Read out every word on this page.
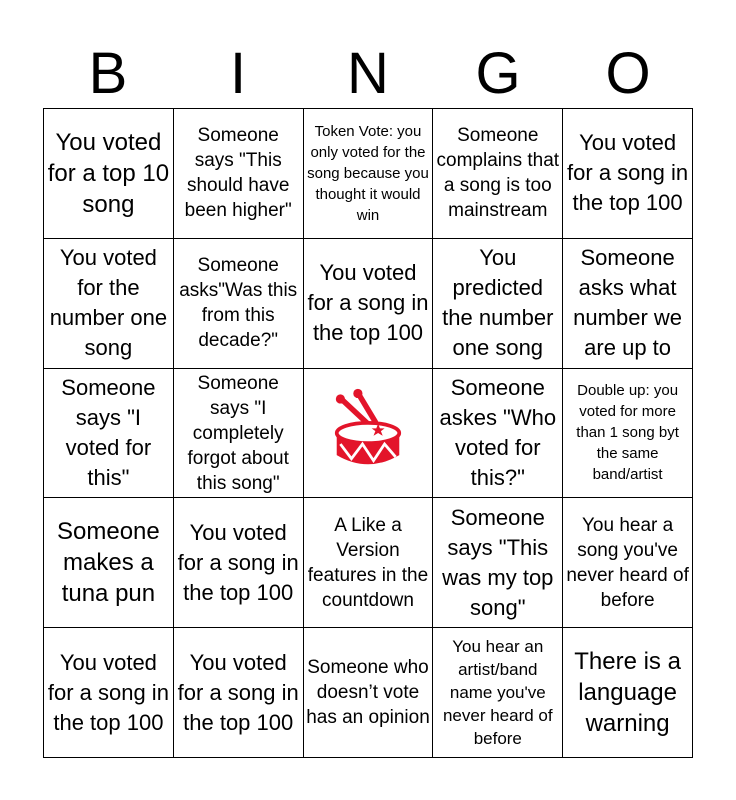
B	I	N	G	O
You voted for a top 10 song
Someone says "This should have been higher"
Token Vote: you only voted for the song because you thought it would win
Someone complains that a song is too mainstream
You voted for a song in the top 100
You voted for the number one song
Someone asks"Was this from this decade?"
You voted for a song in the top 100
You predicted the number one song
Someone asks what number we are up to
Someone says "I voted for this"
Someone says "I completely forgot about this song"
Someone askes "Who voted for this?"
Double up: you voted for more than 1 song byt the same band/artist
Someone makes a tuna pun
You voted for a song in the top 100
A Like a Version features in the countdown
Someone says "This was my top song"
You hear a song you've never heard of before
You voted for a song in the top 100
You voted for a song in the top 100
Someone who doesn’t vote has an opinion
You hear an artist/band name you've never heard of before
There is a language warning
